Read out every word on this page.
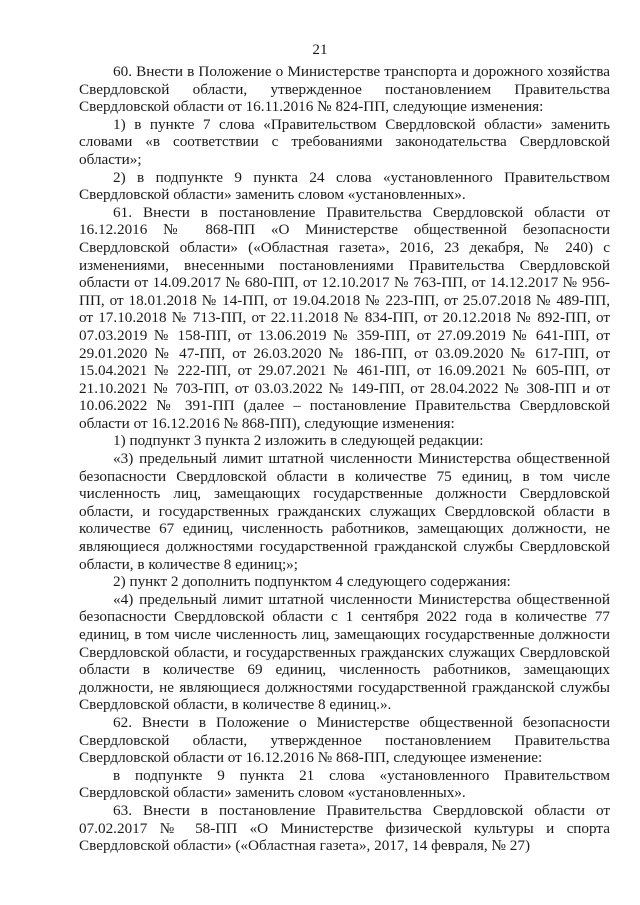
21

60. Внести в Положение о Министерстве транспорта и дорожного хозяйства Свердловской области, утвержденное постановлением Правительства Свердловской области от 16.11.2016 № 824-ПП, следующие изменения:

1) в пункте 7 слова «Правительством Свердловской области» заменить словами «в соответствии с требованиями законодательства Свердловской области»;

2) в подпункте 9 пункта 24 слова «установленного Правительством Свердловской области» заменить словом «установленных».

61. Внести в постановление Правительства Свердловской области от 16.12.2016 № 868-ПП «О Министерстве общественной безопасности Свердловской области» («Областная газета», 2016, 23 декабря, № 240) с изменениями, внесенными постановлениями Правительства Свердловской области от 14.09.2017 № 680-ПП, от 12.10.2017 № 763-ПП, от 14.12.2017 № 956-ПП, от 18.01.2018 № 14-ПП, от 19.04.2018 № 223-ПП, от 25.07.2018 № 489-ПП, от 17.10.2018 № 713-ПП, от 22.11.2018 № 834-ПП, от 20.12.2018 № 892-ПП, от 07.03.2019 № 158-ПП, от 13.06.2019 № 359-ПП, от 27.09.2019 № 641-ПП, от 29.01.2020 № 47-ПП, от 26.03.2020 № 186-ПП, от 03.09.2020 № 617-ПП, от 15.04.2021 № 222-ПП, от 29.07.2021 № 461-ПП, от 16.09.2021 № 605-ПП, от 21.10.2021 № 703-ПП, от 03.03.2022 № 149-ПП, от 28.04.2022 № 308-ПП и от 10.06.2022 № 391-ПП (далее – постановление Правительства Свердловской области от 16.12.2016 № 868-ПП), следующие изменения:

1) подпункт 3 пункта 2 изложить в следующей редакции:

«3) предельный лимит штатной численности Министерства общественной безопасности Свердловской области в количестве 75 единиц, в том числе численность лиц, замещающих государственные должности Свердловской области, и государственных гражданских служащих Свердловской области в количестве 67 единиц, численность работников, замещающих должности, не являющиеся должностями государственной гражданской службы Свердловской области, в количестве 8 единиц;»;

2) пункт 2 дополнить подпунктом 4 следующего содержания:

«4) предельный лимит штатной численности Министерства общественной безопасности Свердловской области с 1 сентября 2022 года в количестве 77 единиц, в том числе численность лиц, замещающих государственные должности Свердловской области, и государственных гражданских служащих Свердловской области в количестве 69 единиц, численность работников, замещающих должности, не являющиеся должностями государственной гражданской службы Свердловской области, в количестве 8 единиц.».

62. Внести в Положение о Министерстве общественной безопасности Свердловской области, утвержденное постановлением Правительства Свердловской области от 16.12.2016 № 868-ПП, следующее изменение:

в подпункте 9 пункта 21 слова «установленного Правительством Свердловской области» заменить словом «установленных».

63. Внести в постановление Правительства Свердловской области от 07.02.2017 № 58-ПП «О Министерстве физической культуры и спорта Свердловской области» («Областная газета», 2017, 14 февраля, № 27)
